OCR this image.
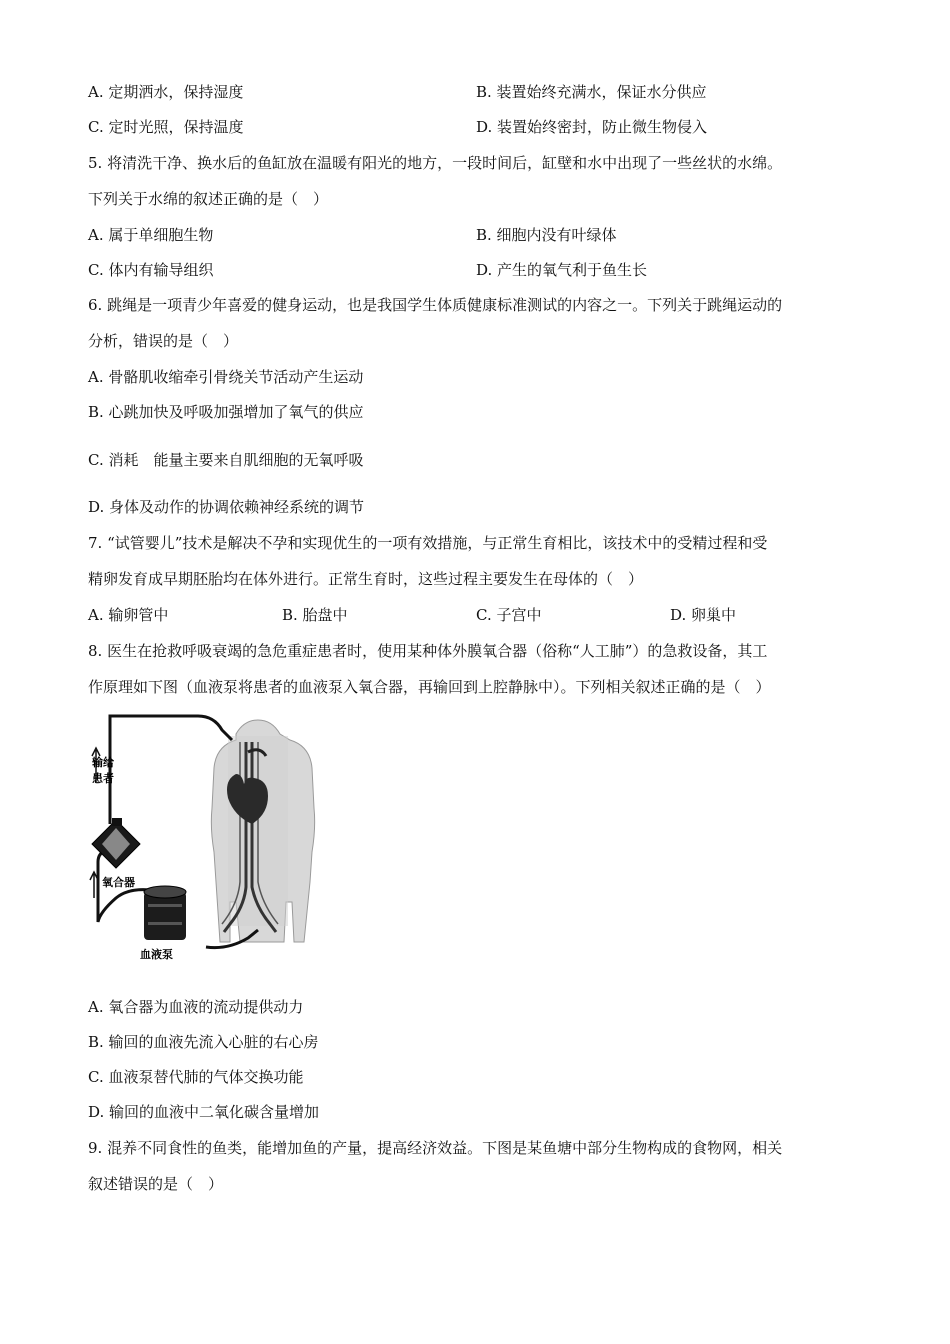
A. 定期洒水，保持湿度	B. 装置始终充满水，保证水分供应
C. 定时光照，保持温度	D. 装置始终密封，防止微生物侵入
5. 将清洗干净、换水后的鱼缸放在温暖有阳光的地方，一段时间后，缸壁和水中出现了一些丝状的水绵。
下列关于水绵的叙述正确的是（　）
A. 属于单细胞生物	B. 细胞内没有叶绿体
C. 体内有输导组织	D. 产生的氧气利于鱼生长
6. 跳绳是一项青少年喜爱的健身运动，也是我国学生体质健康标准测试的内容之一。下列关于跳绳运动的
分析，错误的是（　）
A. 骨骼肌收缩牵引骨绕关节活动产生运动
B. 心跳加快及呼吸加强增加了氧气的供应
C. 消耗　能量主要来自肌细胞的无氧呼吸
D. 身体及动作的协调依赖神经系统的调节
7. “试管婴儿”技术是解决不孕和实现优生的一项有效措施，与正常生育相比，该技术中的受精过程和受
精卵发育成早期胚胎均在体外进行。正常生育时，这些过程主要发生在母体的（　）
A. 输卵管中	B. 胎盘中	C. 子宫中	D. 卵巢中
8. 医生在抢救呼吸衰竭的急危重症患者时，使用某种体外膜氧合器（俗称“人工肺”）的急救设备，其工
作原理如下图（血液泵将患者的血液泵入氧合器，再输回到上腔静脉中）。下列相关叙述正确的是（　）
输给
患者
氧合器
血液泵
A. 氧合器为血液的流动提供动力
B. 输回的血液先流入心脏的右心房
C. 血液泵替代肺的气体交换功能
D. 输回的血液中二氧化碳含量增加
9. 混养不同食性的鱼类，能增加鱼的产量，提高经济效益。下图是某鱼塘中部分生物构成的食物网，相关
叙述错误的是（　）
